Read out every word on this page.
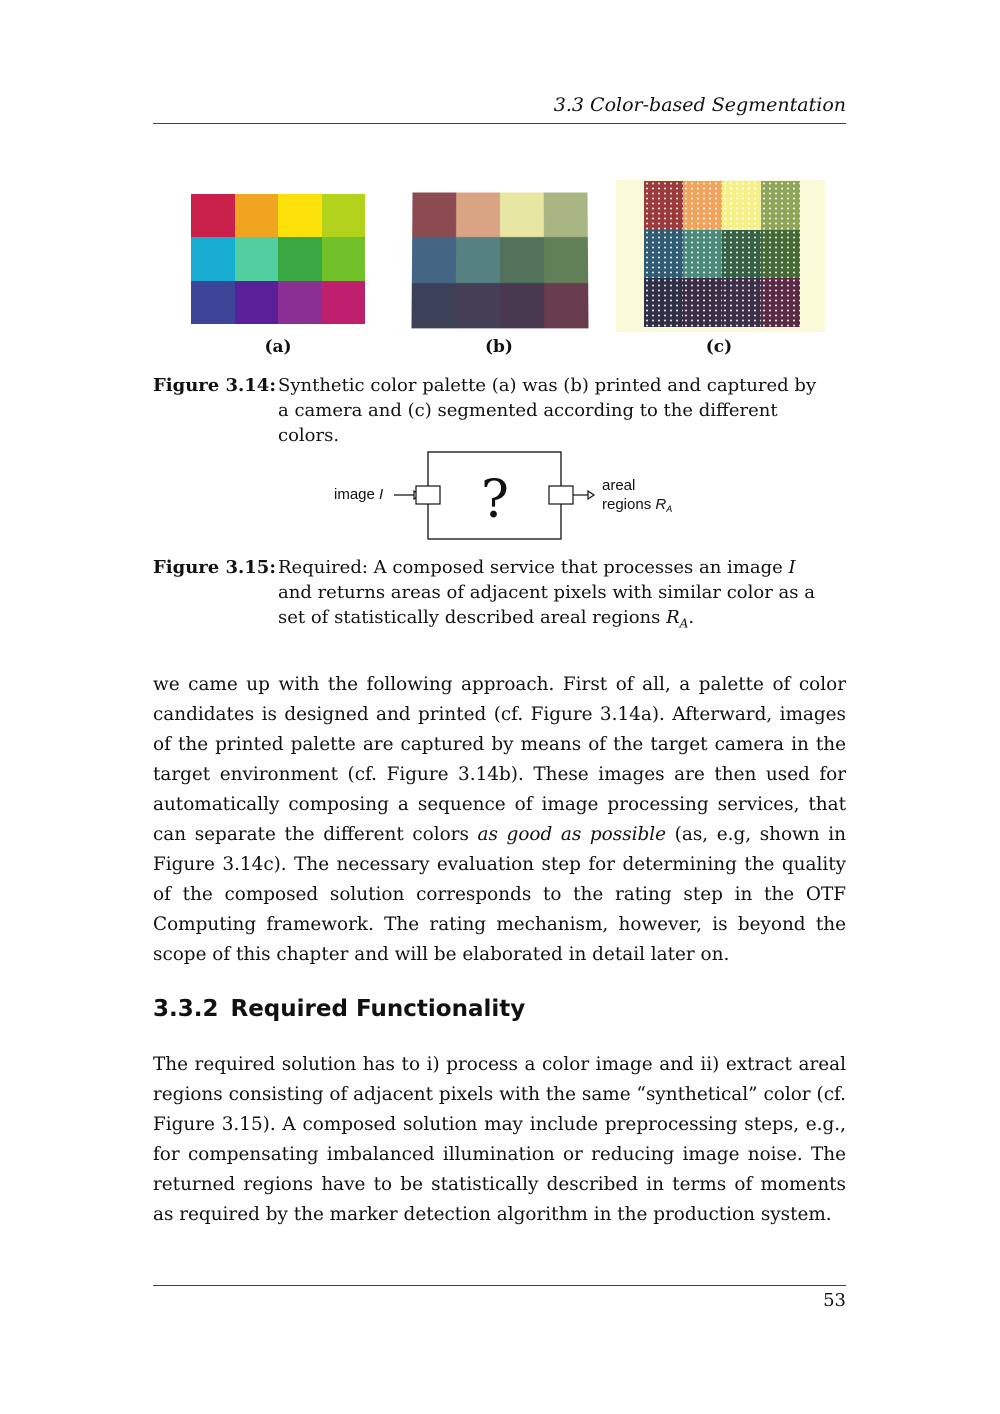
3.3 Color-based Segmentation
(a)	(b)	(c)
Figure 3.14: Synthetic color palette (a) was (b) printed and captured by a camera and (c) segmented according to the different colors.
image I ?	areal
regions $R_A$
Figure 3.15: Required: A composed service that processes an image I and returns areas of adjacent pixels with similar color as a set of statistically described areal regions $R_A$.
we came up with the following approach. First of all, a palette of color candidates is designed and printed (cf. Figure 3.14a). Afterward, images of the printed palette are captured by means of the target camera in the target environment (cf. Figure 3.14b). These images are then used for automatically composing a sequence of image processing services, that can separate the different colors as good as possible (as, e.g, shown in Figure 3.14c). The necessary evaluation step for determining the quality of the composed solution corresponds to the rating step in the OTF Computing framework. The rating mechanism, however, is beyond the scope of this chapter and will be elaborated in detail later on.
3.3.2 Required Functionality
The required solution has to i) process a color image and ii) extract areal regions consisting of adjacent pixels with the same “synthetical” color (cf. Figure 3.15). A composed solution may include preprocessing steps, e.g., for compensating imbalanced illumination or reducing image noise. The returned regions have to be statistically described in terms of moments as required by the marker detection algorithm in the production system.
53
